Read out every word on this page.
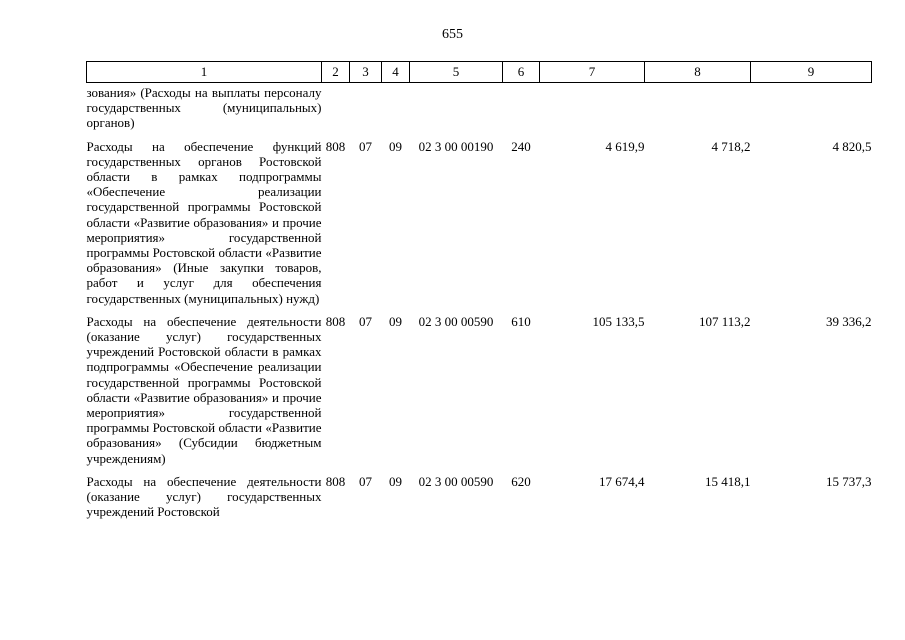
655
1	2	3	4	5	6	7	8	9
зования» (Расходы на выплаты персоналу государственных (муниципальных) органов)								
Расходы на обеспечение функций государственных органов Ростовской области в рамках подпрограммы «Обеспечение реализации государственной программы Ростовской области «Развитие образования» и прочие мероприятия» государственной программы Ростовской области «Развитие образования» (Иные закупки товаров, работ и услуг для обеспечения государственных (муниципальных) нужд)	808	07	09	02 3 00 00190	240	4 619,9	4 718,2	4 820,5
Расходы на обеспечение деятельности (оказание услуг) государственных учреждений Ростовской области в рамках подпрограммы «Обеспечение реализации государственной программы Ростовской области «Развитие образования» и прочие мероприятия» государственной программы Ростовской области «Развитие образования» (Субсидии бюджетным учреждениям)	808	07	09	02 3 00 00590	610	105 133,5	107 113,2	39 336,2
Расходы на обеспечение деятельности (оказание услуг) государственных учреждений Ростовской	808	07	09	02 3 00 00590	620	17 674,4	15 418,1	15 737,3
